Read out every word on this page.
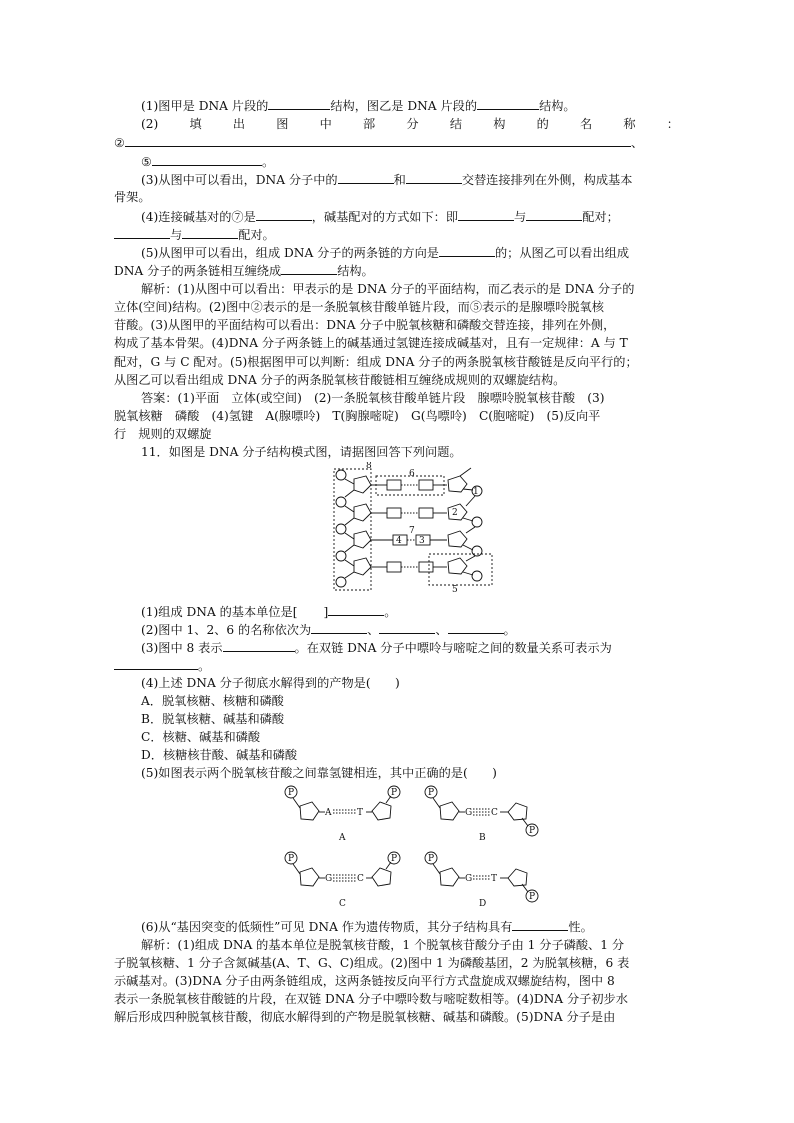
(1)图甲是 DNA 片段的	结构，图乙是 DNA 片段的	结构。
(2)	填	出	图	中	部	分	结	构	的	名	称	：
②	、
⑤	。
(3)从图中可以看出，DNA 分子中的	和	交替连接排列在外侧，构成基本
骨架。
(4)连接碱基对的⑦是	，碱基配对的方式如下：即	与	配对；
与	配对。
(5)从图甲可以看出，组成 DNA 分子的两条链的方向是	的；从图乙可以看出组成
DNA 分子的两条链相互缠绕成	结构。
解析：(1)从图中可以看出：甲表示的是 DNA 分子的平面结构，而乙表示的是 DNA 分子的
立体(空间)结构。(2)图中②表示的是一条脱氧核苷酸单链片段，而⑤表示的是腺嘌呤脱氧核
苷酸。(3)从图甲的平面结构可以看出：DNA 分子中脱氧核糖和磷酸交替连接，排列在外侧，
构成了基本骨架。(4)DNA 分子两条链上的碱基通过氢键连接成碱基对，且有一定规律：A 与 T
配对，G 与 C 配对。(5)根据图甲可以判断：组成 DNA 分子的两条脱氧核苷酸链是反向平行的；
从图乙可以看出组成 DNA 分子的两条脱氧核苷酸链相互缠绕成规则的双螺旋结构。
答案：(1)平面　立体(或空间)　(2)一条脱氧核苷酸单链片段　腺嘌呤脱氧核苷酸　(3)
脱氧核糖　磷酸　(4)氢键　A(腺嘌呤)　T(胸腺嘧啶)　G(鸟嘌呤)　C(胞嘧啶)　(5)反向平
行　规则的双螺旋
11．如图是 DNA 分子结构模式图，请据图回答下列问题。
8
6
1
2
7
4 3
5
(1)组成 DNA 的基本单位是[ ]	。
(2)图中 1、2、6 的名称依次为	、	、	。
(3)图中 8 表示	。在双链 DNA 分子中嘌呤与嘧啶之间的数量关系可表示为
。
(4)上述 DNA 分子彻底水解得到的产物是(　　)
A．脱氧核糖、核糖和磷酸
B．脱氧核糖、碱基和磷酸
C．核糖、碱基和磷酸
D．核糖核苷酸、碱基和磷酸
(5)如图表示两个脱氧核苷酸之间靠氢键相连，其中正确的是(　　)
P
A	T
P
A
P
G C
P
B
P
G	C
P
C
P
G T
P
D
(6)从“基因突变的低频性”可见 DNA 作为遗传物质，其分子结构具有	性。
解析：(1)组成 DNA 的基本单位是脱氧核苷酸，1 个脱氧核苷酸分子由 1 分子磷酸、1 分
子脱氧核糖、1 分子含氮碱基(A、T、G、C)组成。(2)图中 1 为磷酸基团，2 为脱氧核糖，6 表
示碱基对。(3)DNA 分子由两条链组成，这两条链按反向平行方式盘旋成双螺旋结构，图中 8
表示一条脱氧核苷酸链的片段，在双链 DNA 分子中嘌呤数与嘧啶数相等。(4)DNA 分子初步水
解后形成四种脱氧核苷酸，彻底水解得到的产物是脱氧核糖、碱基和磷酸。(5)DNA 分子是由
